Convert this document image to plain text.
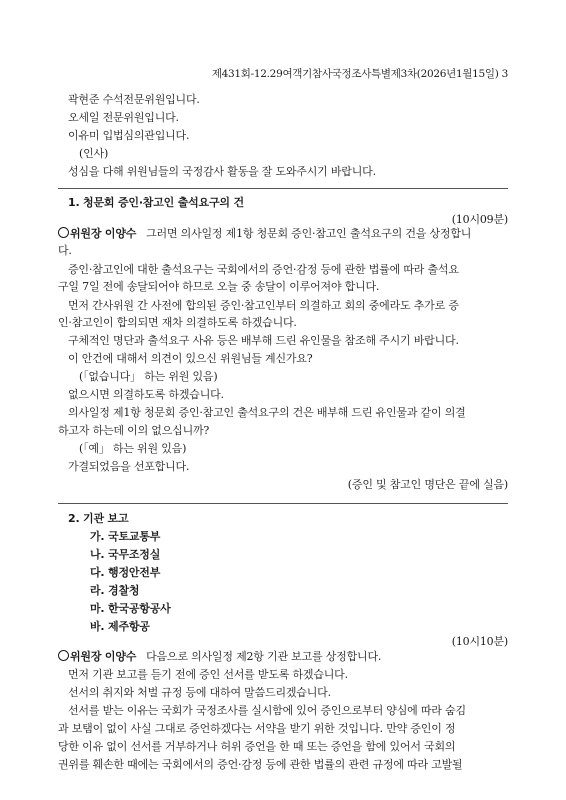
제431회-12.29여객기참사국정조사특별제3차(2026년1월15일) 3
곽현준 수석전문위원입니다.
오세일 전문위원입니다.
이유미 입법심의관입니다.
(인사)
성심을 다해 위원님들의 국정감사 활동을 잘 도와주시기 바랍니다.
1. 청문회 증인·참고인 출석요구의 건
(10시09분)
위원장 이양수 그러면 의사일정 제1항 청문회 증인·참고인 출석요구의 건을 상정합니
다.
증인·참고인에 대한 출석요구는 국회에서의 증언·감정 등에 관한 법률에 따라 출석요
구일 7일 전에 송달되어야 하므로 오늘 중 송달이 이루어져야 합니다.
먼저 간사위원 간 사전에 합의된 증인·참고인부터 의결하고 회의 중에라도 추가로 증
인·참고인이 합의되면 재차 의결하도록 하겠습니다.
구체적인 명단과 출석요구 사유 등은 배부해 드린 유인물을 참조해 주시기 바랍니다.
이 안건에 대해서 의견이 있으신 위원님들 계신가요?
(「없습니다」 하는 위원 있음)
없으시면 의결하도록 하겠습니다.
의사일정 제1항 청문회 증인·참고인 출석요구의 건은 배부해 드린 유인물과 같이 의결
하고자 하는데 이의 없으십니까?
(「예」 하는 위원 있음)
가결되었음을 선포합니다.
(증인 및 참고인 명단은 끝에 실음)
2. 기관 보고
가. 국토교통부
나. 국무조정실
다. 행정안전부
라. 경찰청
마. 한국공항공사
바. 제주항공
(10시10분)
위원장 이양수 다음으로 의사일정 제2항 기관 보고를 상정합니다.
먼저 기관 보고를 듣기 전에 증인 선서를 받도록 하겠습니다.
선서의 취지와 처벌 규정 등에 대하여 말씀드리겠습니다.
선서를 받는 이유는 국회가 국정조사를 실시함에 있어 증인으로부터 양심에 따라 숨김
과 보탬이 없이 사실 그대로 증언하겠다는 서약을 받기 위한 것입니다. 만약 증인이 정
당한 이유 없이 선서를 거부하거나 허위 증언을 한 때 또는 증언을 함에 있어서 국회의
권위를 훼손한 때에는 국회에서의 증언·감정 등에 관한 법률의 관련 규정에 따라 고발될
